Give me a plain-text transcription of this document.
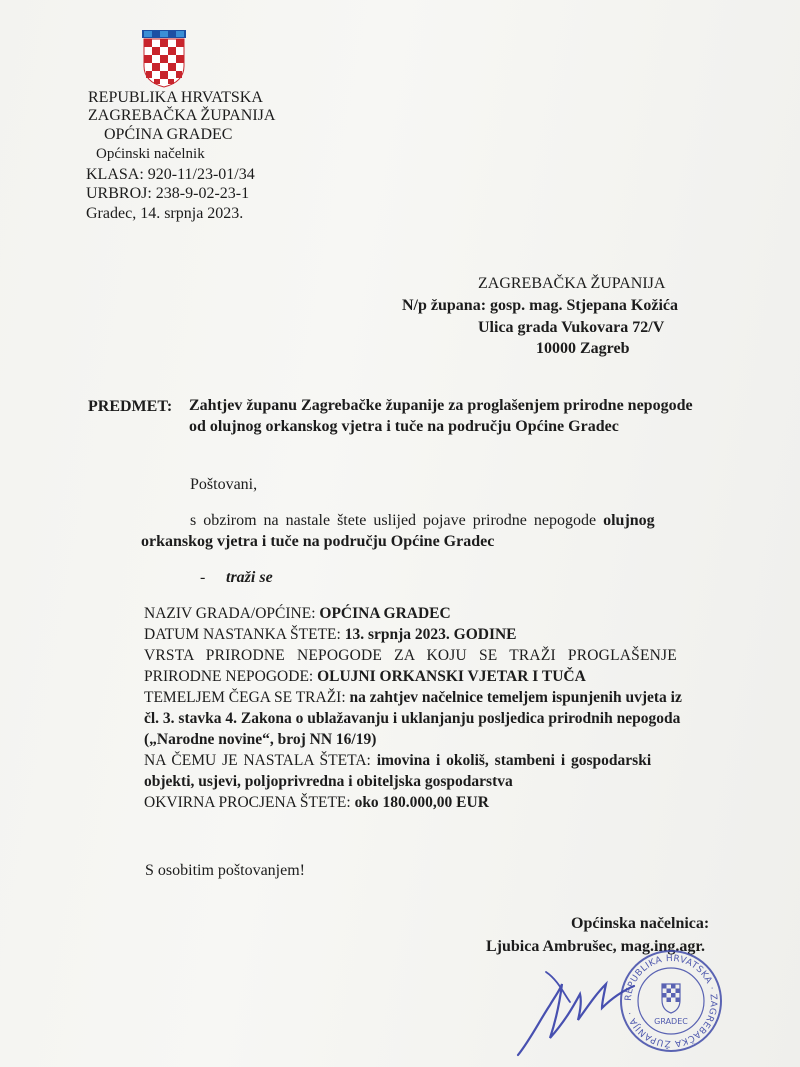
REPUBLIKA HRVATSKA
ZAGREBAČKA ŽUPANIJA
OPĆINA GRADEC
Općinski načelnik
KLASA: 920-11/23-01/34
URBROJ: 238-9-02-23-1
Gradec, 14. srpnja 2023.
ZAGREBAČKA ŽUPANIJA
N/p župana: gosp. mag. Stjepana Kožića
Ulica grada Vukovara 72/V
10000 Zagreb
PREDMET: Zahtjev županu Zagrebačke županije za proglašenjem prirodne nepogode
od olujnog orkanskog vjetra i tuče na području Općine Gradec
Poštovani,
s obzirom na nastale štete uslijed pojave prirodne nepogode olujnog
orkanskog vjetra i tuče na području Općine Gradec
- traži se
NAZIV GRADA/OPĆINE: OPĆINA GRADEC
DATUM NASTANKA ŠTETE: 13. srpnja 2023. GODINE
VRSTA PRIRODNE NEPOGODE ZA KOJU SE TRAŽI PROGLAŠENJE
PRIRODNE NEPOGODE: OLUJNI ORKANSKI VJETAR I TUČA
TEMELJEM ČEGA SE TRAŽI: na zahtjev načelnice temeljem ispunjenih uvjeta iz
čl. 3. stavka 4. Zakona o ublažavanju i uklanjanju posljedica prirodnih nepogoda
(„Narodne novine“, broj NN 16/19)
NA ČEMU JE NASTALA ŠTETA: imovina i okoliš, stambeni i gospodarski
objekti, usjevi, poljoprivredna i obiteljska gospodarstva
OKVIRNA PROCJENA ŠTETE: oko 180.000,00 EUR
S osobitim poštovanjem!
Općinska načelnica:
Ljubica Ambrušec, mag.ing.agr.
REPUBLIKA HRVATSKA · ZAGREBAČKA ŽUPANIJA ·
GRADEC
